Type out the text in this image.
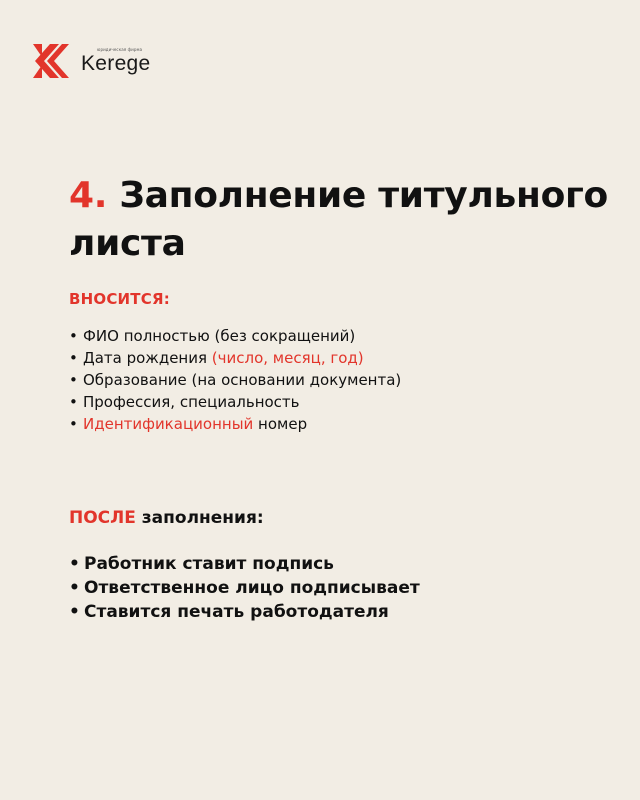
юридическая фирма
Kerege
4. Заполнение титульного листа
ВНОСИТСЯ:
• ФИО полностью (без сокращений)
• Дата рождения (число, месяц, год)
• Образование (на основании документа)
• Профессия, специальность
• Идентификационный номер
ПОСЛЕ заполнения:
• Работник ставит подпись
• Ответственное лицо подписывает
• Ставится печать работодателя
